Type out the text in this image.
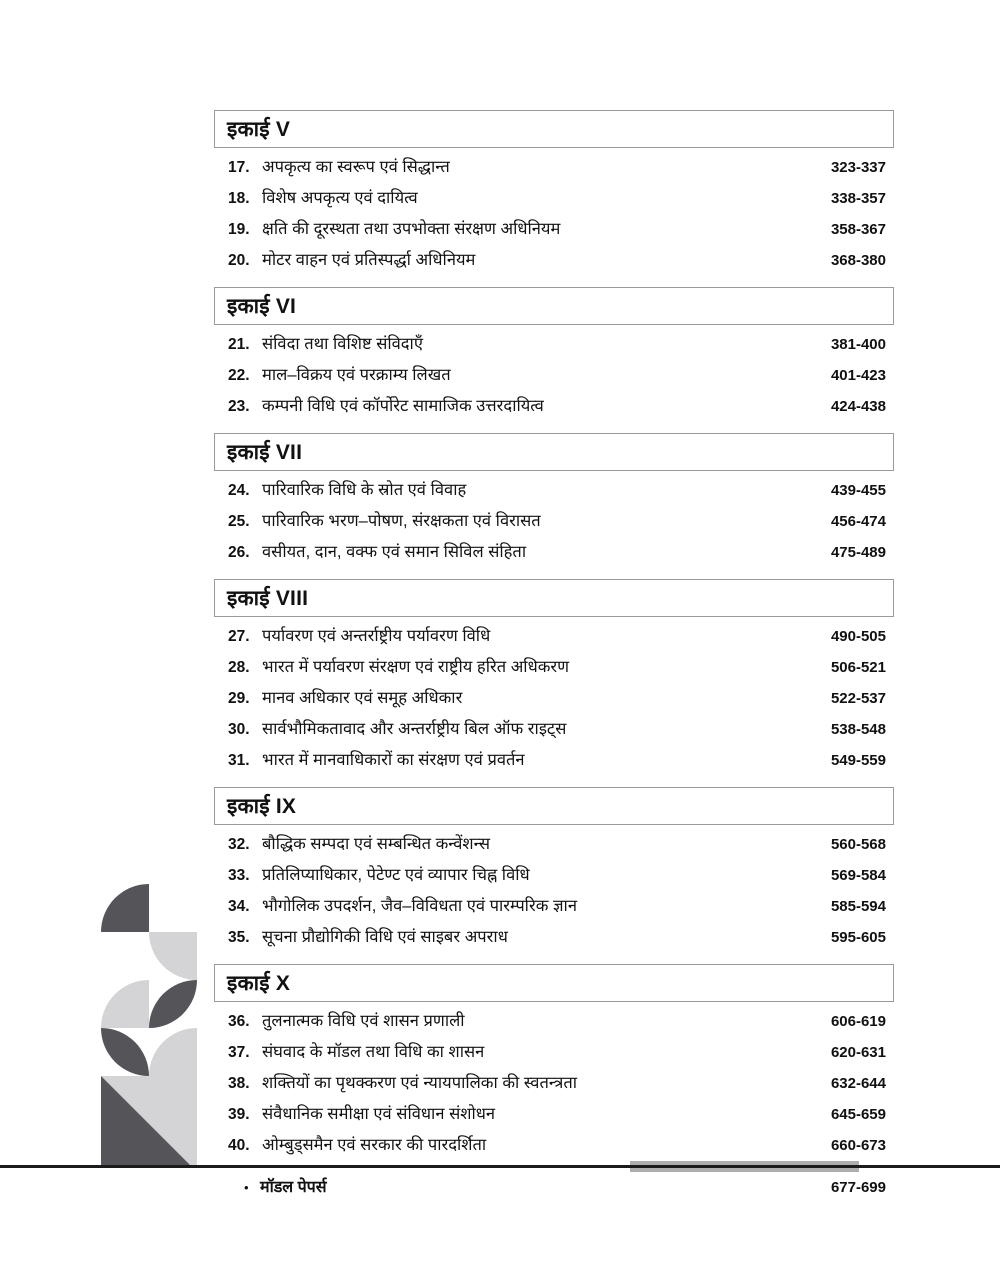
इकाई V
17. अपकृत्य का स्वरूप एवं सिद्धान्त	323-337
18. विशेष अपकृत्य एवं दायित्व	338-357
19. क्षति की दूरस्थता तथा उपभोक्ता संरक्षण अधिनियम	358-367
20. मोटर वाहन एवं प्रतिस्पर्द्धा अधिनियम	368-380
इकाई VI
21. संविदा तथा विशिष्ट संविदाएँ	381-400
22. माल–विक्रय एवं परक्राम्य लिखत	401-423
23. कम्पनी विधि एवं कॉर्पोरेट सामाजिक उत्तरदायित्व	424-438
इकाई VII
24. पारिवारिक विधि के स्रोत एवं विवाह	439-455
25. पारिवारिक भरण–पोषण, संरक्षकता एवं विरासत	456-474
26. वसीयत, दान, वक्फ एवं समान सिविल संहिता	475-489
इकाई VIII
27. पर्यावरण एवं अन्तर्राष्ट्रीय पर्यावरण विधि	490-505
28. भारत में पर्यावरण संरक्षण एवं राष्ट्रीय हरित अधिकरण	506-521
29. मानव अधिकार एवं समूह अधिकार	522-537
30. सार्वभौमिकतावाद और अन्तर्राष्ट्रीय बिल ऑफ राइट्स	538-548
31. भारत में मानवाधिकारों का संरक्षण एवं प्रवर्तन	549-559
इकाई IX
32. बौद्धिक सम्पदा एवं सम्बन्धित कन्वेंशन्स	560-568
33. प्रतिलिप्याधिकार, पेटेण्ट एवं व्यापार चिह्न विधि	569-584
34. भौगोलिक उपदर्शन, जैव–विविधता एवं पारम्परिक ज्ञान	585-594
35. सूचना प्रौद्योगिकी विधि एवं साइबर अपराध	595-605
इकाई X
36. तुलनात्मक विधि एवं शासन प्रणाली	606-619
37. संघवाद के मॉडल तथा विधि का शासन	620-631
38. शक्तियों का पृथक्करण एवं न्यायपालिका की स्वतन्त्रता	632-644
39. संवैधानिक समीक्षा एवं संविधान संशोधन	645-659
40. ओम्बुड्समैन एवं सरकार की पारदर्शिता	660-673
• मॉडल पेपर्स	677-699
